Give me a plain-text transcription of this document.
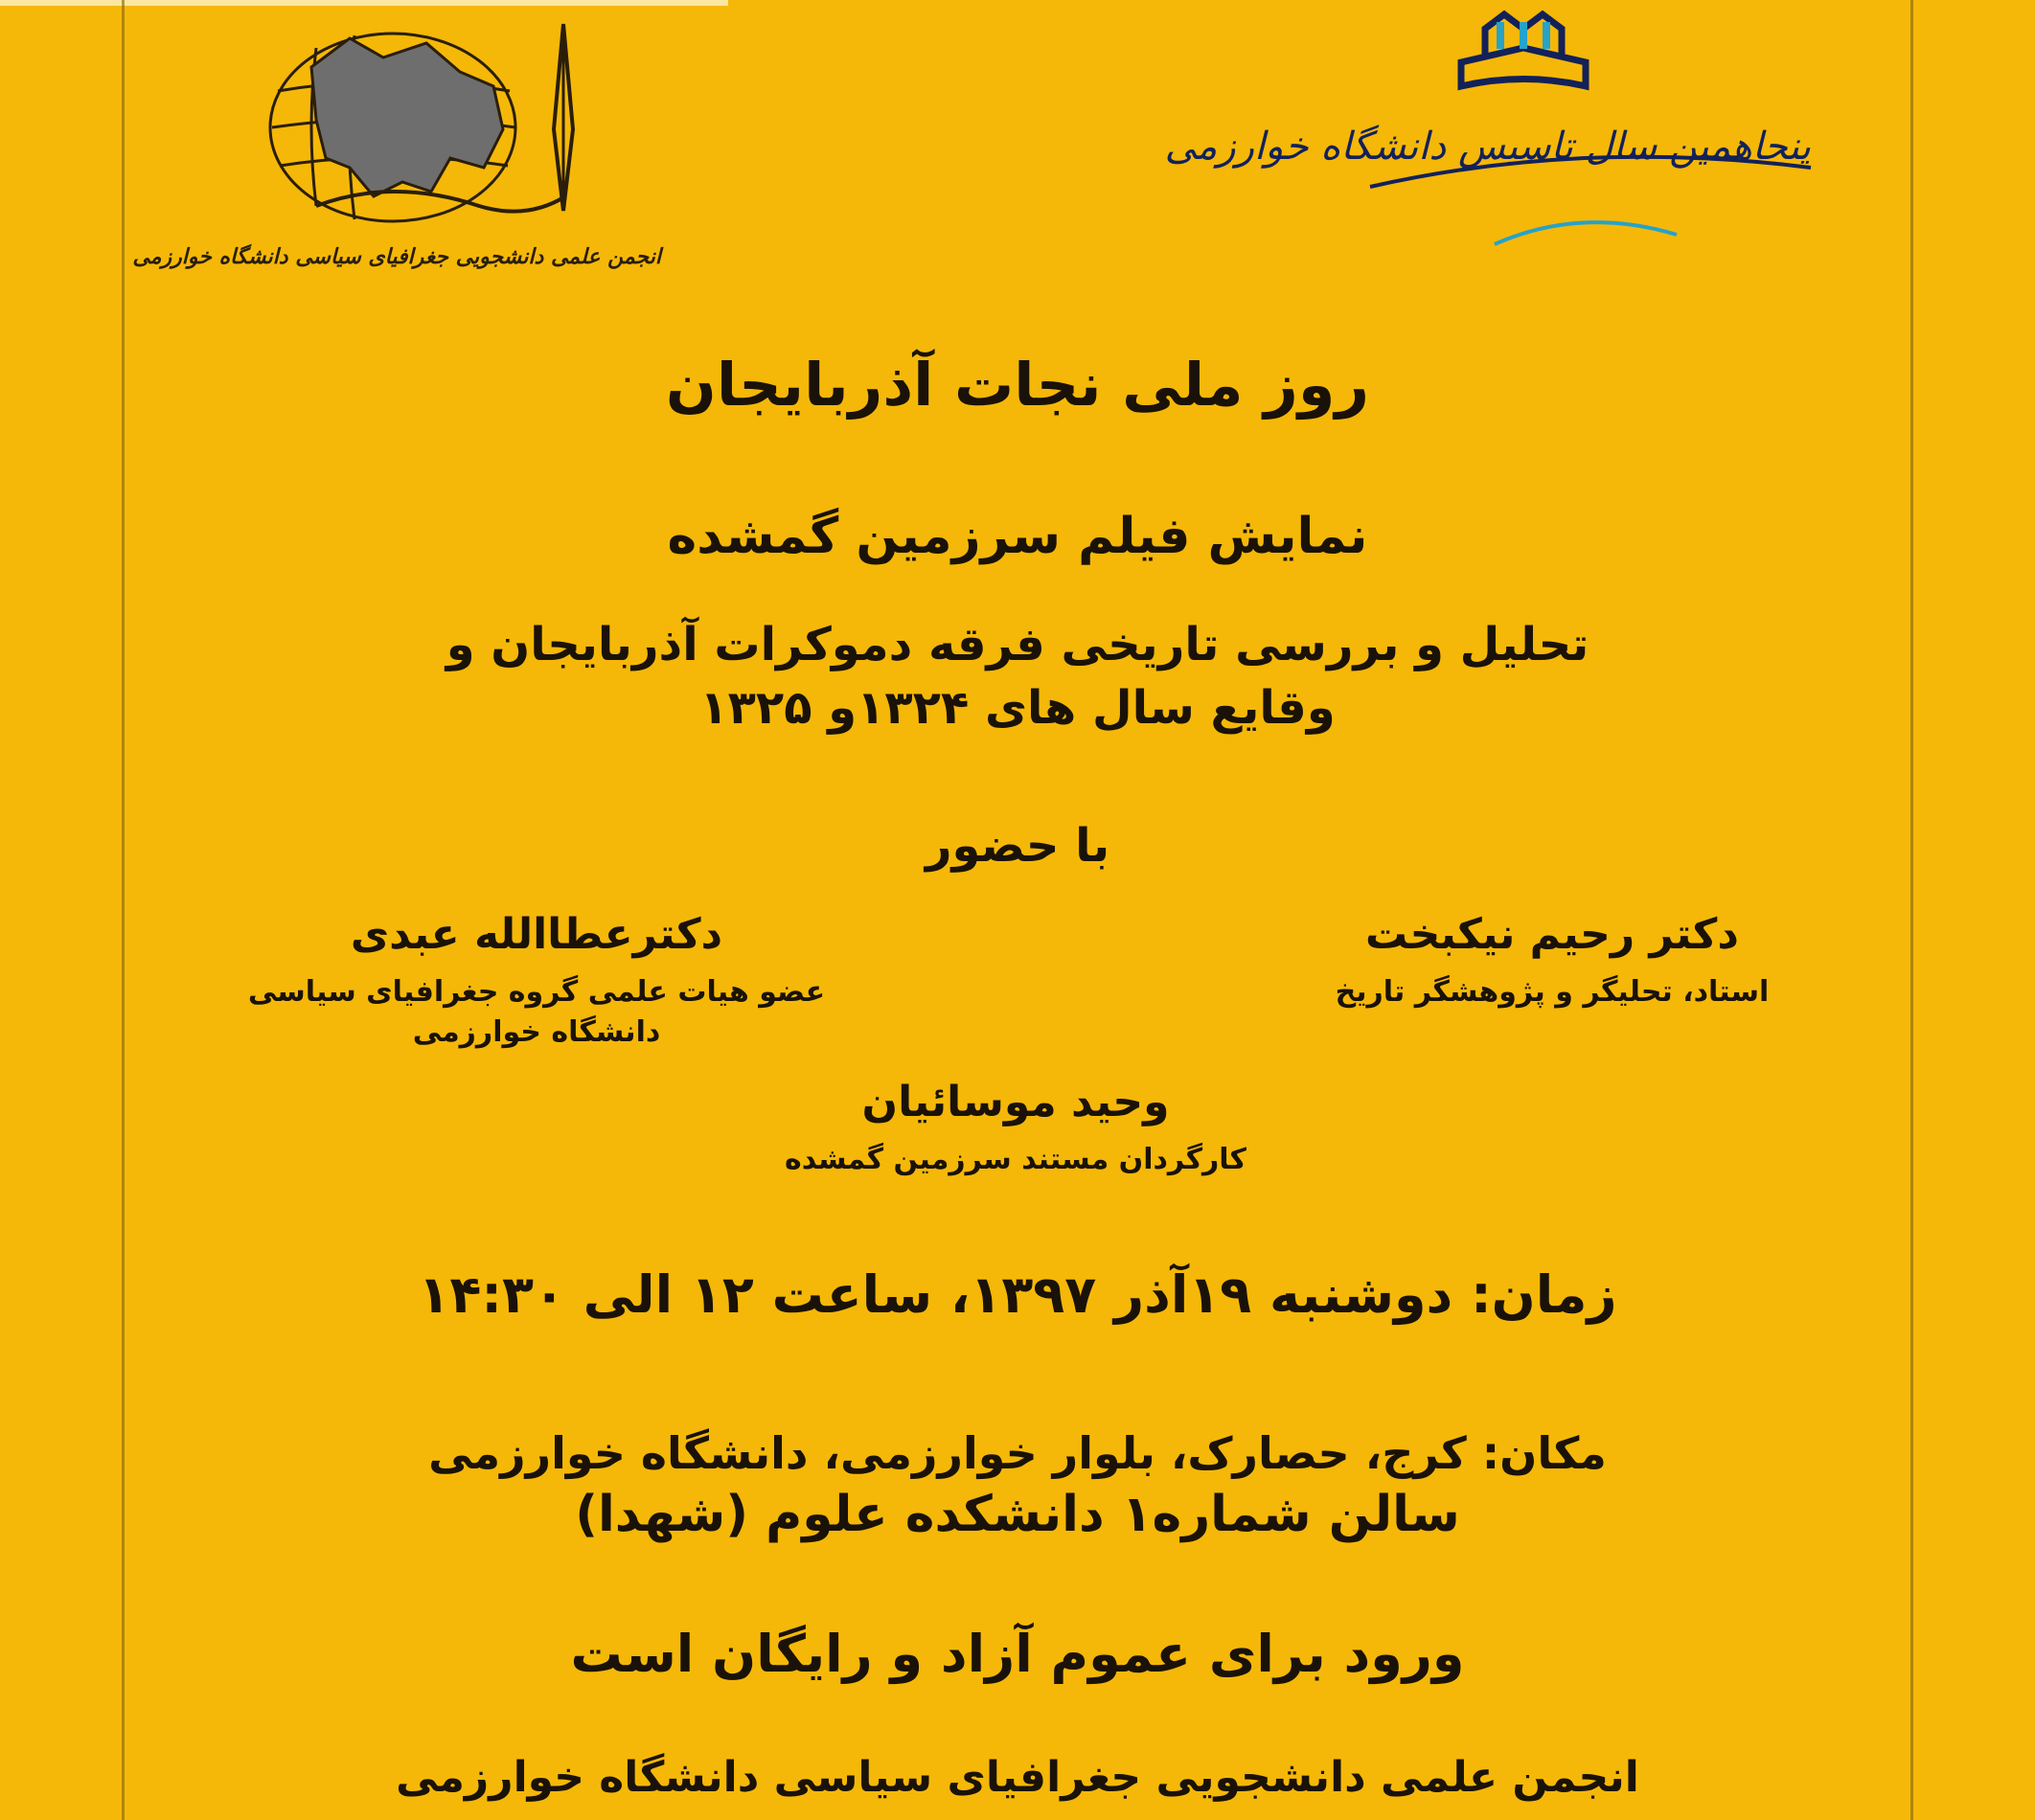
انجمن علمی دانشجویی جغرافیای سیاسی دانشگاه خوارزمی
پنجاهمین سال تاسیس دانشگاه خوارزمی
روز ملی نجات آذربایجان
نمایش فیلم سرزمین گمشده
تحلیل و بررسی تاریخی فرقه دموکرات آذربایجان و
وقایع سال های ۱۳۲۴و ۱۳۲۵
با حضور
دکتر رحیم نیکبخت
استاد، تحلیگر و پژوهشگر تاریخ
دکترعطاالله عبدی
عضو هیات علمی گروه جغرافیای سیاسی
دانشگاه خوارزمی
وحید موسائیان
کارگردان مستند سرزمین گمشده
زمان: دوشنبه ۱۹آذر ۱۳۹۷، ساعت ۱۲ الی ۱۴:۳۰
مکان: کرج، حصارک، بلوار خوارزمی، دانشگاه خوارزمی
سالن شماره۱ دانشکده علوم (شهدا)
ورود برای عموم آزاد و رایگان است
انجمن علمی دانشجویی جغرافیای سیاسی دانشگاه خوارزمی
